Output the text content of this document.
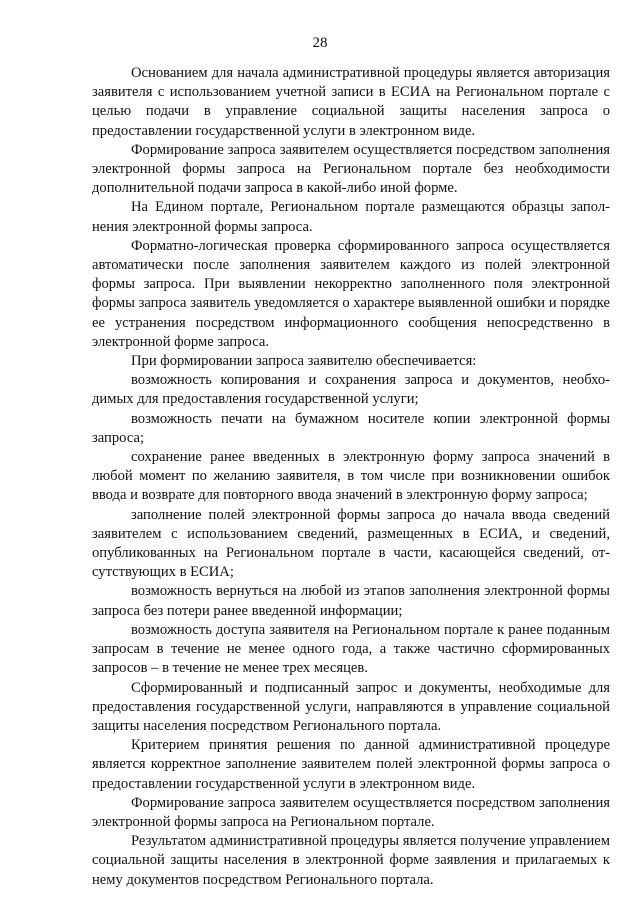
28

Основанием для начала административной процедуры является авторизация заявителя с использованием учетной записи в ЕСИА на Региональном портале с целью подачи в управление социальной защиты населения запроса о предоставлении государственной услуги в электронном виде.

Формирование запроса заявителем осуществляется посредством заполнения электронной формы запроса на Региональном портале без необходимости дополнительной подачи запроса в какой-либо иной форме.

На Едином портале, Региональном портале размещаются образцы заполнения электронной формы запроса.

Форматно-логическая проверка сформированного запроса осуществляется автоматически после заполнения заявителем каждого из полей электронной формы запроса. При выявлении некорректно заполненного поля электронной формы запроса заявитель уведомляется о характере выявленной ошибки и порядке ее устранения посредством информационного сообщения непосредственно в электронной форме запроса.

При формировании запроса заявителю обеспечивается:

возможность копирования и сохранения запроса и документов, необходимых для предоставления государственной услуги;

возможность печати на бумажном носителе копии электронной формы запроса;

сохранение ранее введенных в электронную форму запроса значений в любой момент по желанию заявителя, в том числе при возникновении ошибок ввода и возврате для повторного ввода значений в электронную форму запроса;

заполнение полей электронной формы запроса до начала ввода сведений заявителем с использованием сведений, размещенных в ЕСИА, и сведений, опубликованных на Региональном портале в части, касающейся сведений, отсутствующих в ЕСИА;

возможность вернуться на любой из этапов заполнения электронной формы запроса без потери ранее введенной информации;

возможность доступа заявителя на Региональном портале к ранее поданным запросам в течение не менее одного года, а также частично сформированных запросов – в течение не менее трех месяцев.

Сформированный и подписанный запрос и документы, необходимые для предоставления государственной услуги, направляются в управление социальной защиты населения посредством Регионального портала.

Критерием принятия решения по данной административной процедуре является корректное заполнение заявителем полей электронной формы запроса о предоставлении государственной услуги в электронном виде.

Формирование запроса заявителем осуществляется посредством заполнения электронной формы запроса на Региональном портале.

Результатом административной процедуры является получение управлением социальной защиты населения в электронной форме заявления и прилагаемых к нему документов посредством Регионального портала.
